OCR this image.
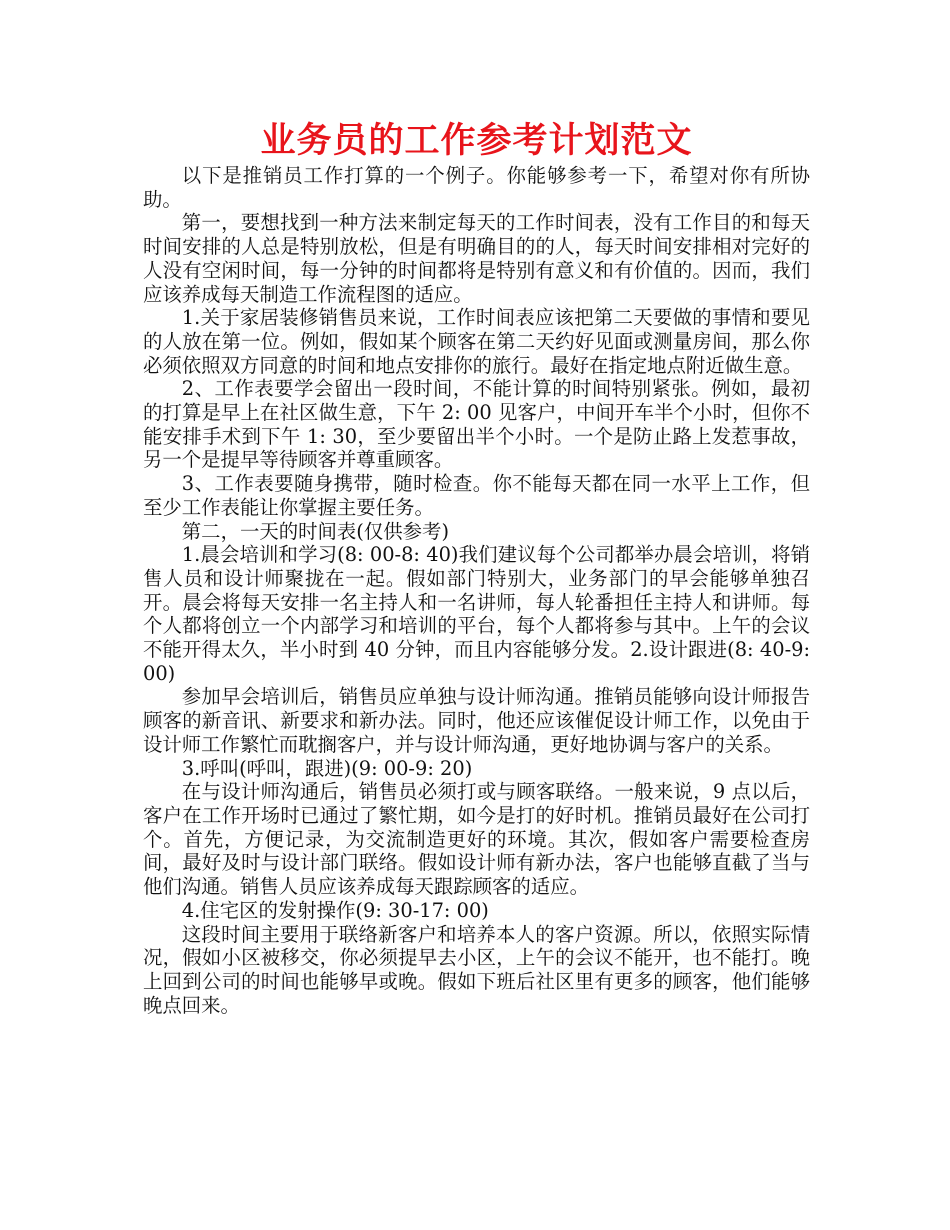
业务员的工作参考计划范文

以下是推销员工作打算的一个例子。你能够参考一下，希望对你有所协助。

第一，要想找到一种方法来制定每天的工作时间表，没有工作目的和每天时间安排的人总是特别放松，但是有明确目的的人，每天时间安排相对完好的人没有空闲时间，每一分钟的时间都将是特别有意义和有价值的。因而，我们应该养成每天制造工作流程图的适应。

1.关于家居装修销售员来说，工作时间表应该把第二天要做的事情和要见的人放在第一位。例如，假如某个顾客在第二天约好见面或测量房间，那么你必须依照双方同意的时间和地点安排你的旅行。最好在指定地点附近做生意。

2、工作表要学会留出一段时间，不能计算的时间特别紧张。例如，最初的打算是早上在社区做生意，下午 2: 00 见客户，中间开车半个小时，但你不能安排手术到下午 1: 30，至少要留出半个小时。一个是防止路上发惹事故，另一个是提早等待顾客并尊重顾客。

3、工作表要随身携带，随时检查。你不能每天都在同一水平上工作，但至少工作表能让你掌握主要任务。

第二，一天的时间表(仅供参考)

1.晨会培训和学习(8: 00-8: 40)我们建议每个公司都举办晨会培训，将销售人员和设计师聚拢在一起。假如部门特别大，业务部门的早会能够单独召开。晨会将每天安排一名主持人和一名讲师，每人轮番担任主持人和讲师。每个人都将创立一个内部学习和培训的平台，每个人都将参与其中。上午的会议不能开得太久，半小时到 40 分钟，而且内容能够分发。2.设计跟进(8: 40-9: 00)

参加早会培训后，销售员应单独与设计师沟通。推销员能够向设计师报告顾客的新音讯、新要求和新办法。同时，他还应该催促设计师工作，以免由于设计师工作繁忙而耽搁客户，并与设计师沟通，更好地协调与客户的关系。

3.呼叫(呼叫，跟进)(9: 00-9: 20)

在与设计师沟通后，销售员必须打或与顾客联络。一般来说，9 点以后，客户在工作开场时已通过了繁忙期，如今是打的好时机。推销员最好在公司打个。首先，方便记录，为交流制造更好的环境。其次，假如客户需要检查房间，最好及时与设计部门联络。假如设计师有新办法，客户也能够直截了当与他们沟通。销售人员应该养成每天跟踪顾客的适应。

4.住宅区的发射操作(9: 30-17: 00)

这段时间主要用于联络新客户和培养本人的客户资源。所以，依照实际情况，假如小区被移交，你必须提早去小区，上午的会议不能开，也不能打。晚上回到公司的时间也能够早或晚。假如下班后社区里有更多的顾客，他们能够晚点回来。
